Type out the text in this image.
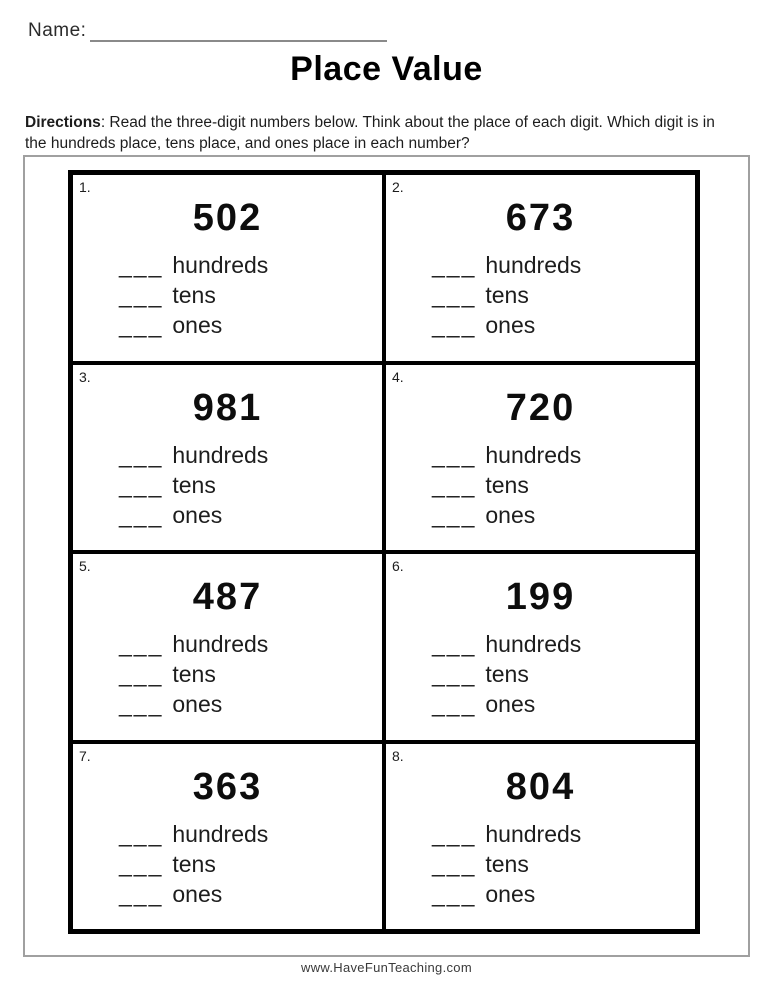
Name:
Place Value
Directions: Read the three-digit numbers below. Think about the place of each digit. Which digit is in the hundreds place, tens place, and ones place in each number?
1.
502
___ hundreds
___ tens
___ ones
2.
673
___ hundreds
___ tens
___ ones
3.
981
___ hundreds
___ tens
___ ones
4.
720
___ hundreds
___ tens
___ ones
5.
487
___ hundreds
___ tens
___ ones
6.
199
___ hundreds
___ tens
___ ones
7.
363
___ hundreds
___ tens
___ ones
8.
804
___ hundreds
___ tens
___ ones
www.HaveFunTeaching.com
